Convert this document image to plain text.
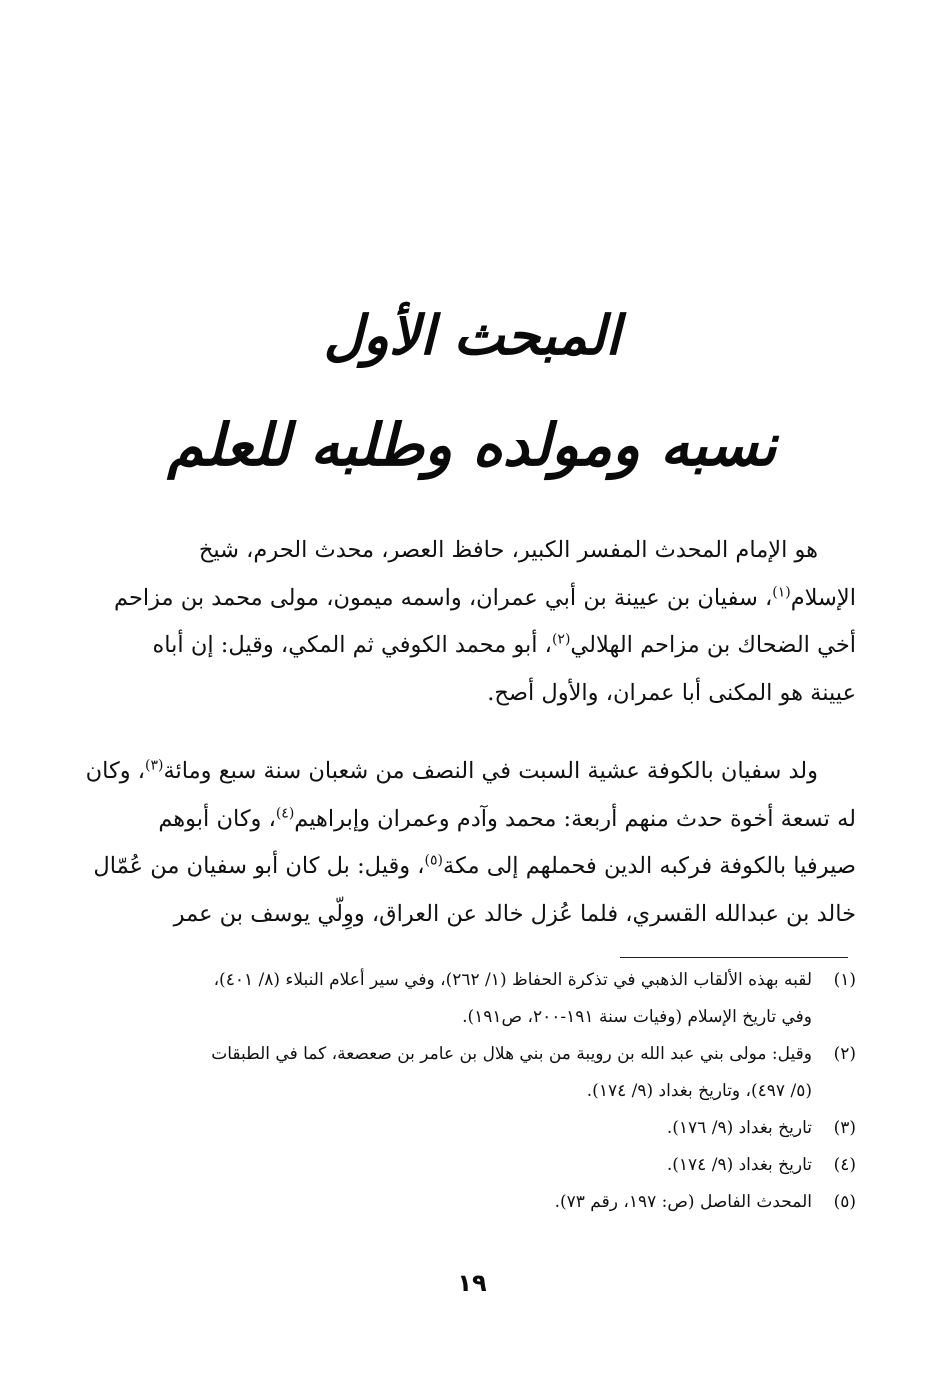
المبحث الأول
نسبه ومولده وطلبه للعلم
هو الإمام المحدث المفسر الكبير، حافظ العصر، محدث الحرم، شيخ
الإسلام$^{(١)}$، سفيان بن عيينة بن أبي عمران، واسمه ميمون، مولى محمد بن مزاحم
أخي الضحاك بن مزاحم الهلالي$^{(٢)}$، أبو محمد الكوفي ثم المكي، وقيل: إن أباه
عيينة هو المكنى أبا عمران، والأول أصح.
ولد سفيان بالكوفة عشية السبت في النصف من شعبان سنة سبع ومائة$^{(٣)}$، وكان
له تسعة أخوة حدث منهم أربعة: محمد وآدم وعمران وإبراهيم$^{(٤)}$، وكان أبوهم
صيرفيا بالكوفة فركبه الدين فحملهم إلى مكة$^{(٥)}$، وقيل: بل كان أبو سفيان من عُمّال
خالد بن عبدالله القسري، فلما عُزل خالد عن العراق، ووِلّي يوسف بن عمر
(١)لقبه بهذه الألقاب الذهبي في تذكرة الحفاظ (١/ ٢٦٢)، وفي سير أعلام النبلاء (٨/ ٤٠١)،
وفي تاريخ الإسلام (وفيات سنة ١٩١-٢٠٠، ص١٩١).
(٢)وقيل: مولى بني عبد الله بن رويبة من بني هلال بن عامر بن صعصعة، كما في الطبقات
(٥/ ٤٩٧)، وتاريخ بغداد (٩/ ١٧٤).
(٣)تاريخ بغداد (٩/ ١٧٦).
(٤)تاريخ بغداد (٩/ ١٧٤).
(٥)المحدث الفاصل (ص: ١٩٧، رقم ٧٣).
١٩
